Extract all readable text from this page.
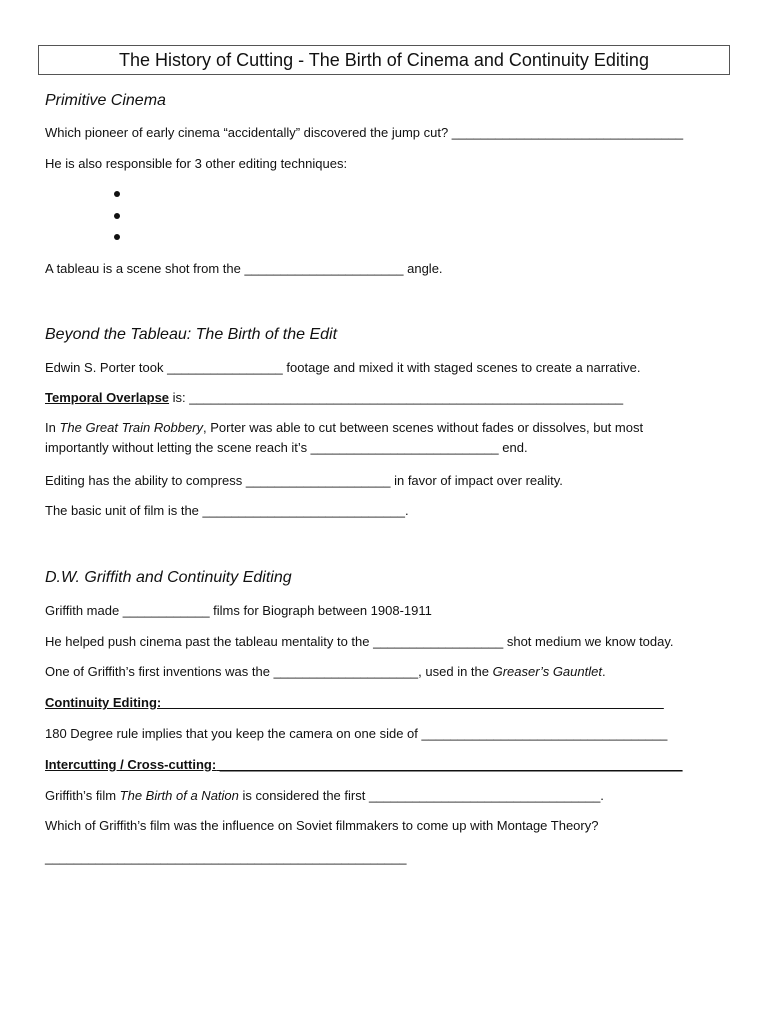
The History of Cutting - The Birth of Cinema and Continuity Editing
Primitive Cinema
Which pioneer of early cinema “accidentally” discovered the jump cut? ________________________________
He is also responsible for 3 other editing techniques:
A tableau is a scene shot from the ______________________ angle.
Beyond the Tableau: The Birth of the Edit
Edwin S. Porter took ________________ footage and mixed it with staged scenes to create a narrative.
Temporal Overlapse is: ____________________________________________________________
In The Great Train Robbery, Porter was able to cut between scenes without fades or dissolves, but most importantly without letting the scene reach it’s __________________________ end.
Editing has the ability to compress ____________________ in favor of impact over reality.
The basic unit of film is the ____________________________.
D.W. Griffith and Continuity Editing
Griffith made ____________ films for Biograph between 1908-1911
He helped push cinema past the tableau mentality to the __________________ shot medium we know today.
One of Griffith’s first inventions was the ____________________, used in the Greaser’s Gauntlet.
Continuity Editing: _____________________________________________________________________
180 Degree rule implies that you keep the camera on one side of __________________________________
Intercutting / Cross-cutting: ________________________________________________________________
Griffith’s film The Birth of a Nation is considered the first ________________________________.
Which of Griffith’s film was the influence on Soviet filmmakers to come up with Montage Theory?
__________________________________________________
